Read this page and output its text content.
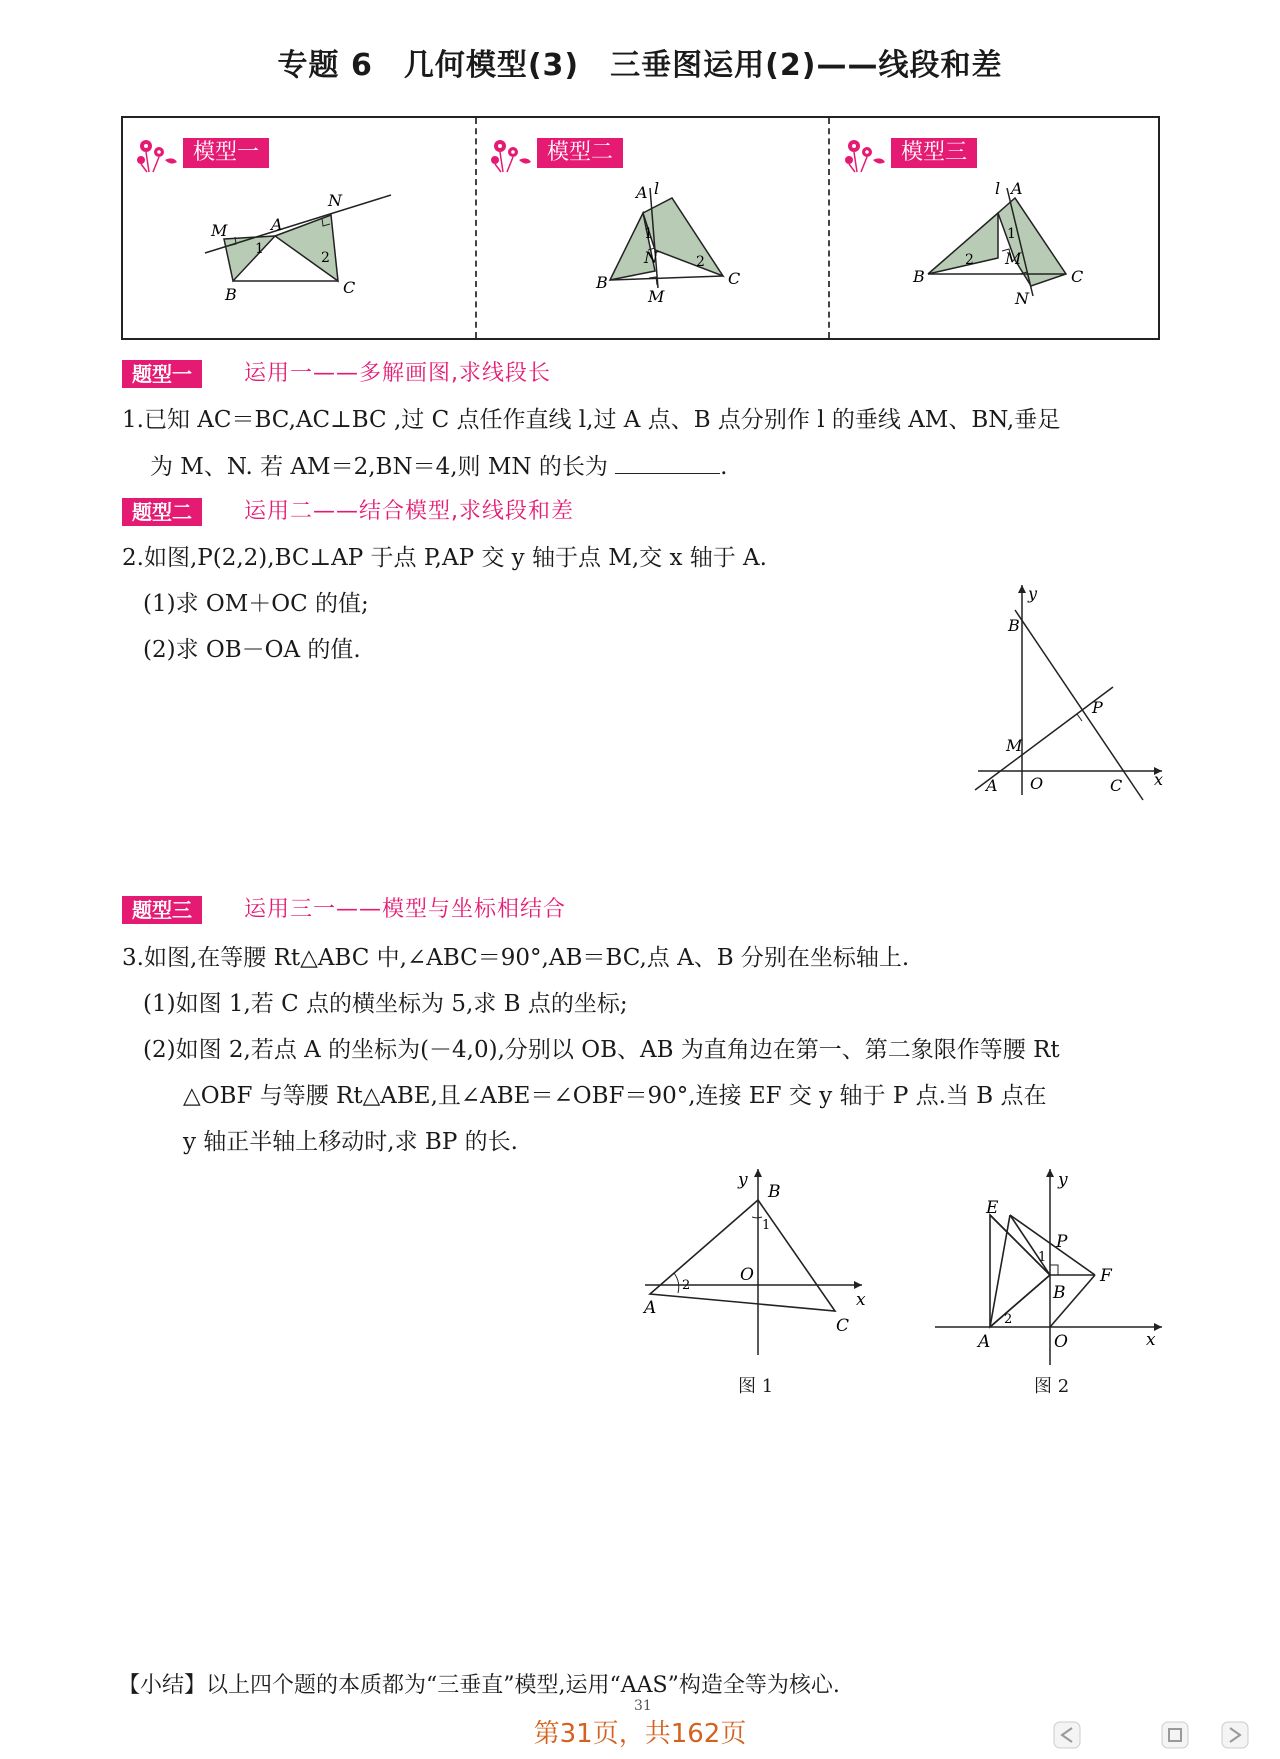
专题 6　几何模型(3)　三垂图运用(2)——线段和差
模型一	模型二	模型三
M	A
N
B	C
1
2
A l
N
B
M
C
1
2
l A
M
B
N
C
1
2
题型一	运用一——多解画图,求线段长
1.已知 AC＝BC,AC⊥BC ,过 C 点任作直线 l,过 A 点、B 点分别作 l 的垂线 AM、BN,垂足
为 M、N. 若 AM＝2,BN＝4,则 MN 的长为	.
题型二	运用二——结合模型,求线段和差
2.如图,P(2,2),BC⊥AP 于点 P,AP 交 y 轴于点 M,交 x 轴于 A.
(1)求 OM＋OC 的值;
(2)求 OB－OA 的值.
y
x
B
P
M
O
A	C
题型三	运用三一——模型与坐标相结合
3.如图,在等腰 Rt△ABC 中,∠ABC＝90°,AB＝BC,点 A、B 分别在坐标轴上.
(1)如图 1,若 C 点的横坐标为 5,求 B 点的坐标;
(2)如图 2,若点 A 的坐标为(－4,0),分别以 OB、AB 为直角边在第一、第二象限作等腰 Rt
△OBF 与等腰 Rt△ABE,且∠ABE＝∠OBF＝90°,连接 EF 交 y 轴于 P 点.当 B 点在
y 轴正半轴上移动时,求 BP 的长.
y
B
x
O
A
C
1
2
图 1
y
E
P
F
B
O
A	x
1
2
图 2
【小结】以上四个题的本质都为“三垂直”模型,运用“AAS”构造全等为核心.
31
第31页，共162页
